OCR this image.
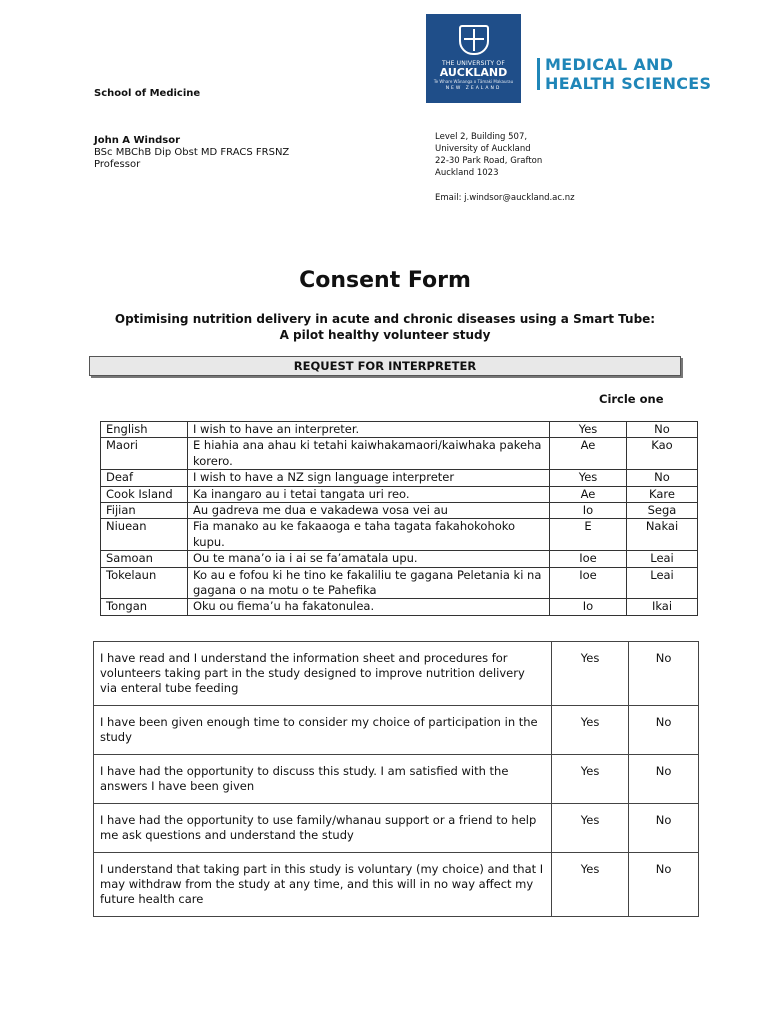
THE UNIVERSITY OF
AUCKLAND
Te Whare Wānanga o Tāmaki Makaurau
NEW ZEALAND
MEDICAL AND
HEALTH SCIENCES
School of Medicine
John A Windsor
BSc MBChB Dip Obst MD FRACS FRSNZ
Professor
Level 2, Building 507,
University of Auckland
22-30 Park Road, Grafton
Auckland 1023
Email: j.windsor@auckland.ac.nz
Consent Form
Optimising nutrition delivery in acute and chronic diseases using a Smart Tube:
A pilot healthy volunteer study
REQUEST FOR INTERPRETER
Circle one
English	I wish to have an interpreter.	Yes	No
Maori	E hiahia ana ahau ki tetahi kaiwhakamaori/kaiwhaka pakeha korero.	Ae	Kao
Deaf	I wish to have a NZ sign language interpreter	Yes	No
Cook Island	Ka inangaro au i tetai tangata uri reo.	Ae	Kare
Fijian	Au gadreva me dua e vakadewa vosa vei au	Io	Sega
Niuean	Fia manako au ke fakaaoga e taha tagata fakahokohoko kupu.	E	Nakai
Samoan	Ou te mana’o ia i ai se fa’amatala upu.	Ioe	Leai
Tokelaun	Ko au e fofou ki he tino ke fakaliliu te gagana Peletania ki na gagana o na motu o te Pahefika	Ioe	Leai
Tongan	Oku ou fiema’u ha fakatonulea.	Io	Ikai
I have read and I understand the information sheet and procedures for volunteers taking part in the study designed to improve nutrition delivery via enteral tube feeding	Yes	No
I have been given enough time to consider my choice of participation in the study	Yes	No
I have had the opportunity to discuss this study. I am satisfied with the answers I have been given	Yes	No
I have had the opportunity to use family/whanau support or a friend to help me ask questions and understand the study	Yes	No
I understand that taking part in this study is voluntary (my choice) and that I may withdraw from the study at any time, and this will in no way affect my future health care	Yes	No
